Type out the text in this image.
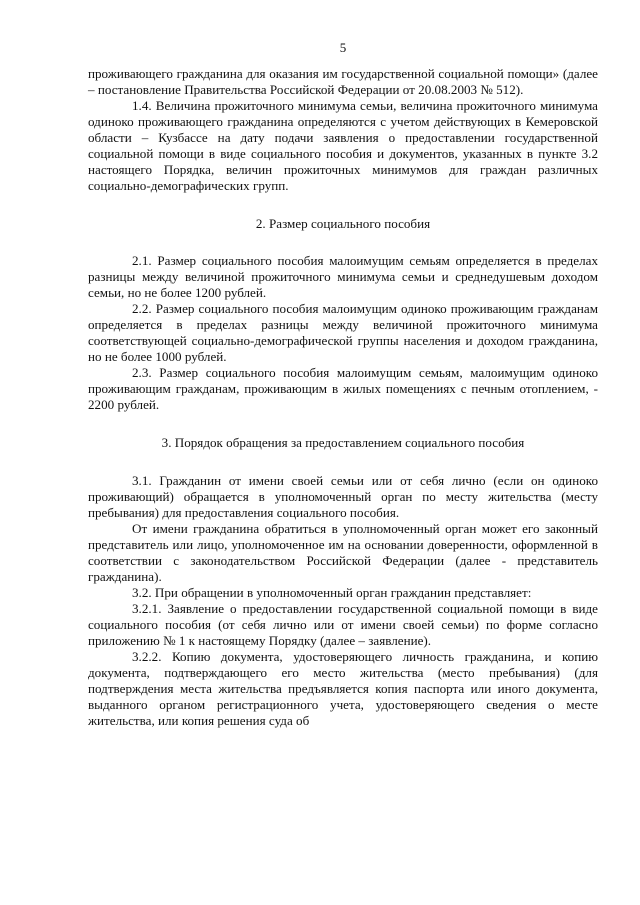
5

проживающего гражданина для оказания им государственной социальной помощи» (далее – постановление Правительства Российской Федерации от 20.08.2003 № 512).

1.4. Величина прожиточного минимума семьи, величина прожиточного минимума одиноко проживающего гражданина определяются с учетом действующих в Кемеровской области – Кузбассе на дату подачи заявления о предоставлении государственной социальной помощи в виде социального пособия и документов, указанных в пункте 3.2 настоящего Порядка, величин прожиточных минимумов для граждан различных социально-демографических групп.

2. Размер социального пособия

2.1. Размер социального пособия малоимущим семьям определяется в пределах разницы между величиной прожиточного минимума семьи и среднедушевым доходом семьи, но не более 1200 рублей.

2.2. Размер социального пособия малоимущим одиноко проживающим гражданам определяется в пределах разницы между величиной прожиточного минимума соответствующей социально-демографической группы населения и доходом гражданина, но не более 1000 рублей.

2.3. Размер социального пособия малоимущим семьям, малоимущим одиноко проживающим гражданам, проживающим в жилых помещениях с печным отоплением, - 2200 рублей.

3. Порядок обращения за предоставлением социального пособия

3.1. Гражданин от имени своей семьи или от себя лично (если он одиноко проживающий) обращается в уполномоченный орган по месту жительства (месту пребывания) для предоставления социального пособия.

От имени гражданина обратиться в уполномоченный орган может его законный представитель или лицо, уполномоченное им на основании доверенности, оформленной в соответствии с законодательством Российской Федерации (далее - представитель гражданина).

3.2. При обращении в уполномоченный орган гражданин представляет:

3.2.1. Заявление о предоставлении государственной социальной помощи в виде социального пособия (от себя лично или от имени своей семьи) по форме согласно приложению № 1 к настоящему Порядку (далее – заявление).

3.2.2. Копию документа, удостоверяющего личность гражданина, и копию документа, подтверждающего его место жительства (место пребывания) (для подтверждения места жительства предъявляется копия паспорта или иного документа, выданного органом регистрационного учета, удостоверяющего сведения о месте жительства, или копия решения суда об
